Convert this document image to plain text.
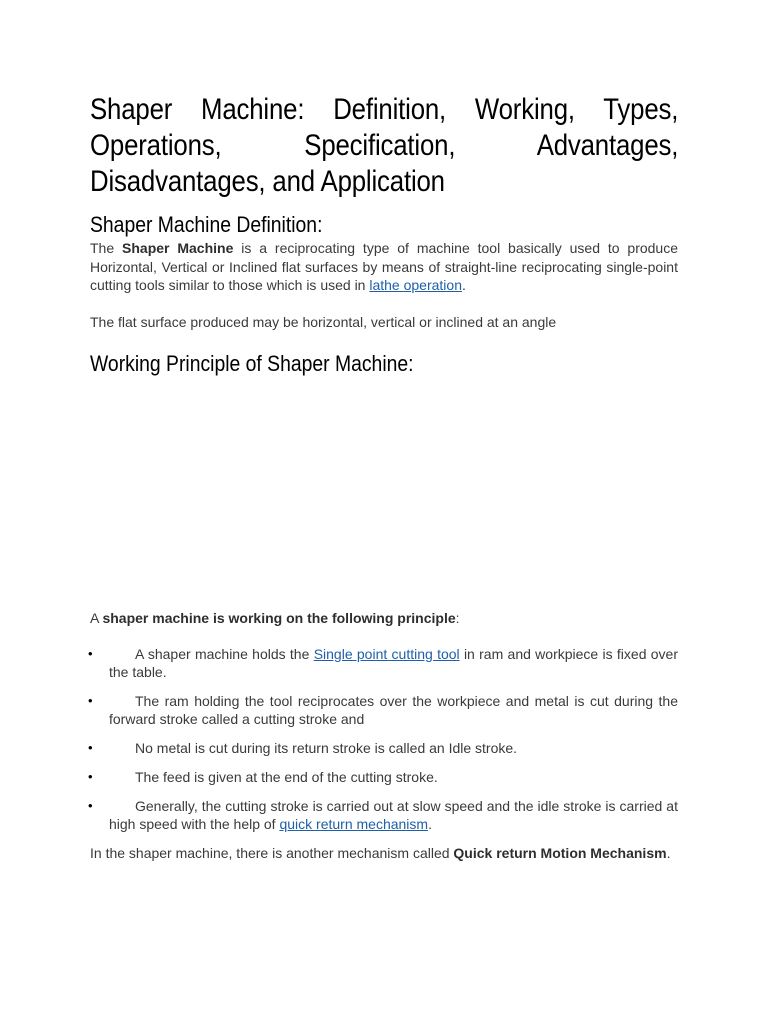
Shaper Machine: Definition, Working, Types, Operations, Specification, Advantages, Disadvantages, and Application
Shaper Machine Definition:

The Shaper Machine is a reciprocating type of machine tool basically used to produce Horizontal, Vertical or Inclined flat surfaces by means of straight-line reciprocating single-point cutting tools similar to those which is used in lathe operation.

The flat surface produced may be horizontal, vertical or inclined at an angle

Working Principle of Shaper Machine:

A shaper machine is working on the following principle:

•	A shaper machine holds the Single point cutting tool in ram and workpiece is fixed over the table.
•	The ram holding the tool reciprocates over the workpiece and metal is cut during the forward stroke called a cutting stroke and
•	No metal is cut during its return stroke is called an Idle stroke.
•	The feed is given at the end of the cutting stroke.
•	Generally, the cutting stroke is carried out at slow speed and the idle stroke is carried at high speed with the help of quick return mechanism.

In the shaper machine, there is another mechanism called Quick return Motion Mechanism.
